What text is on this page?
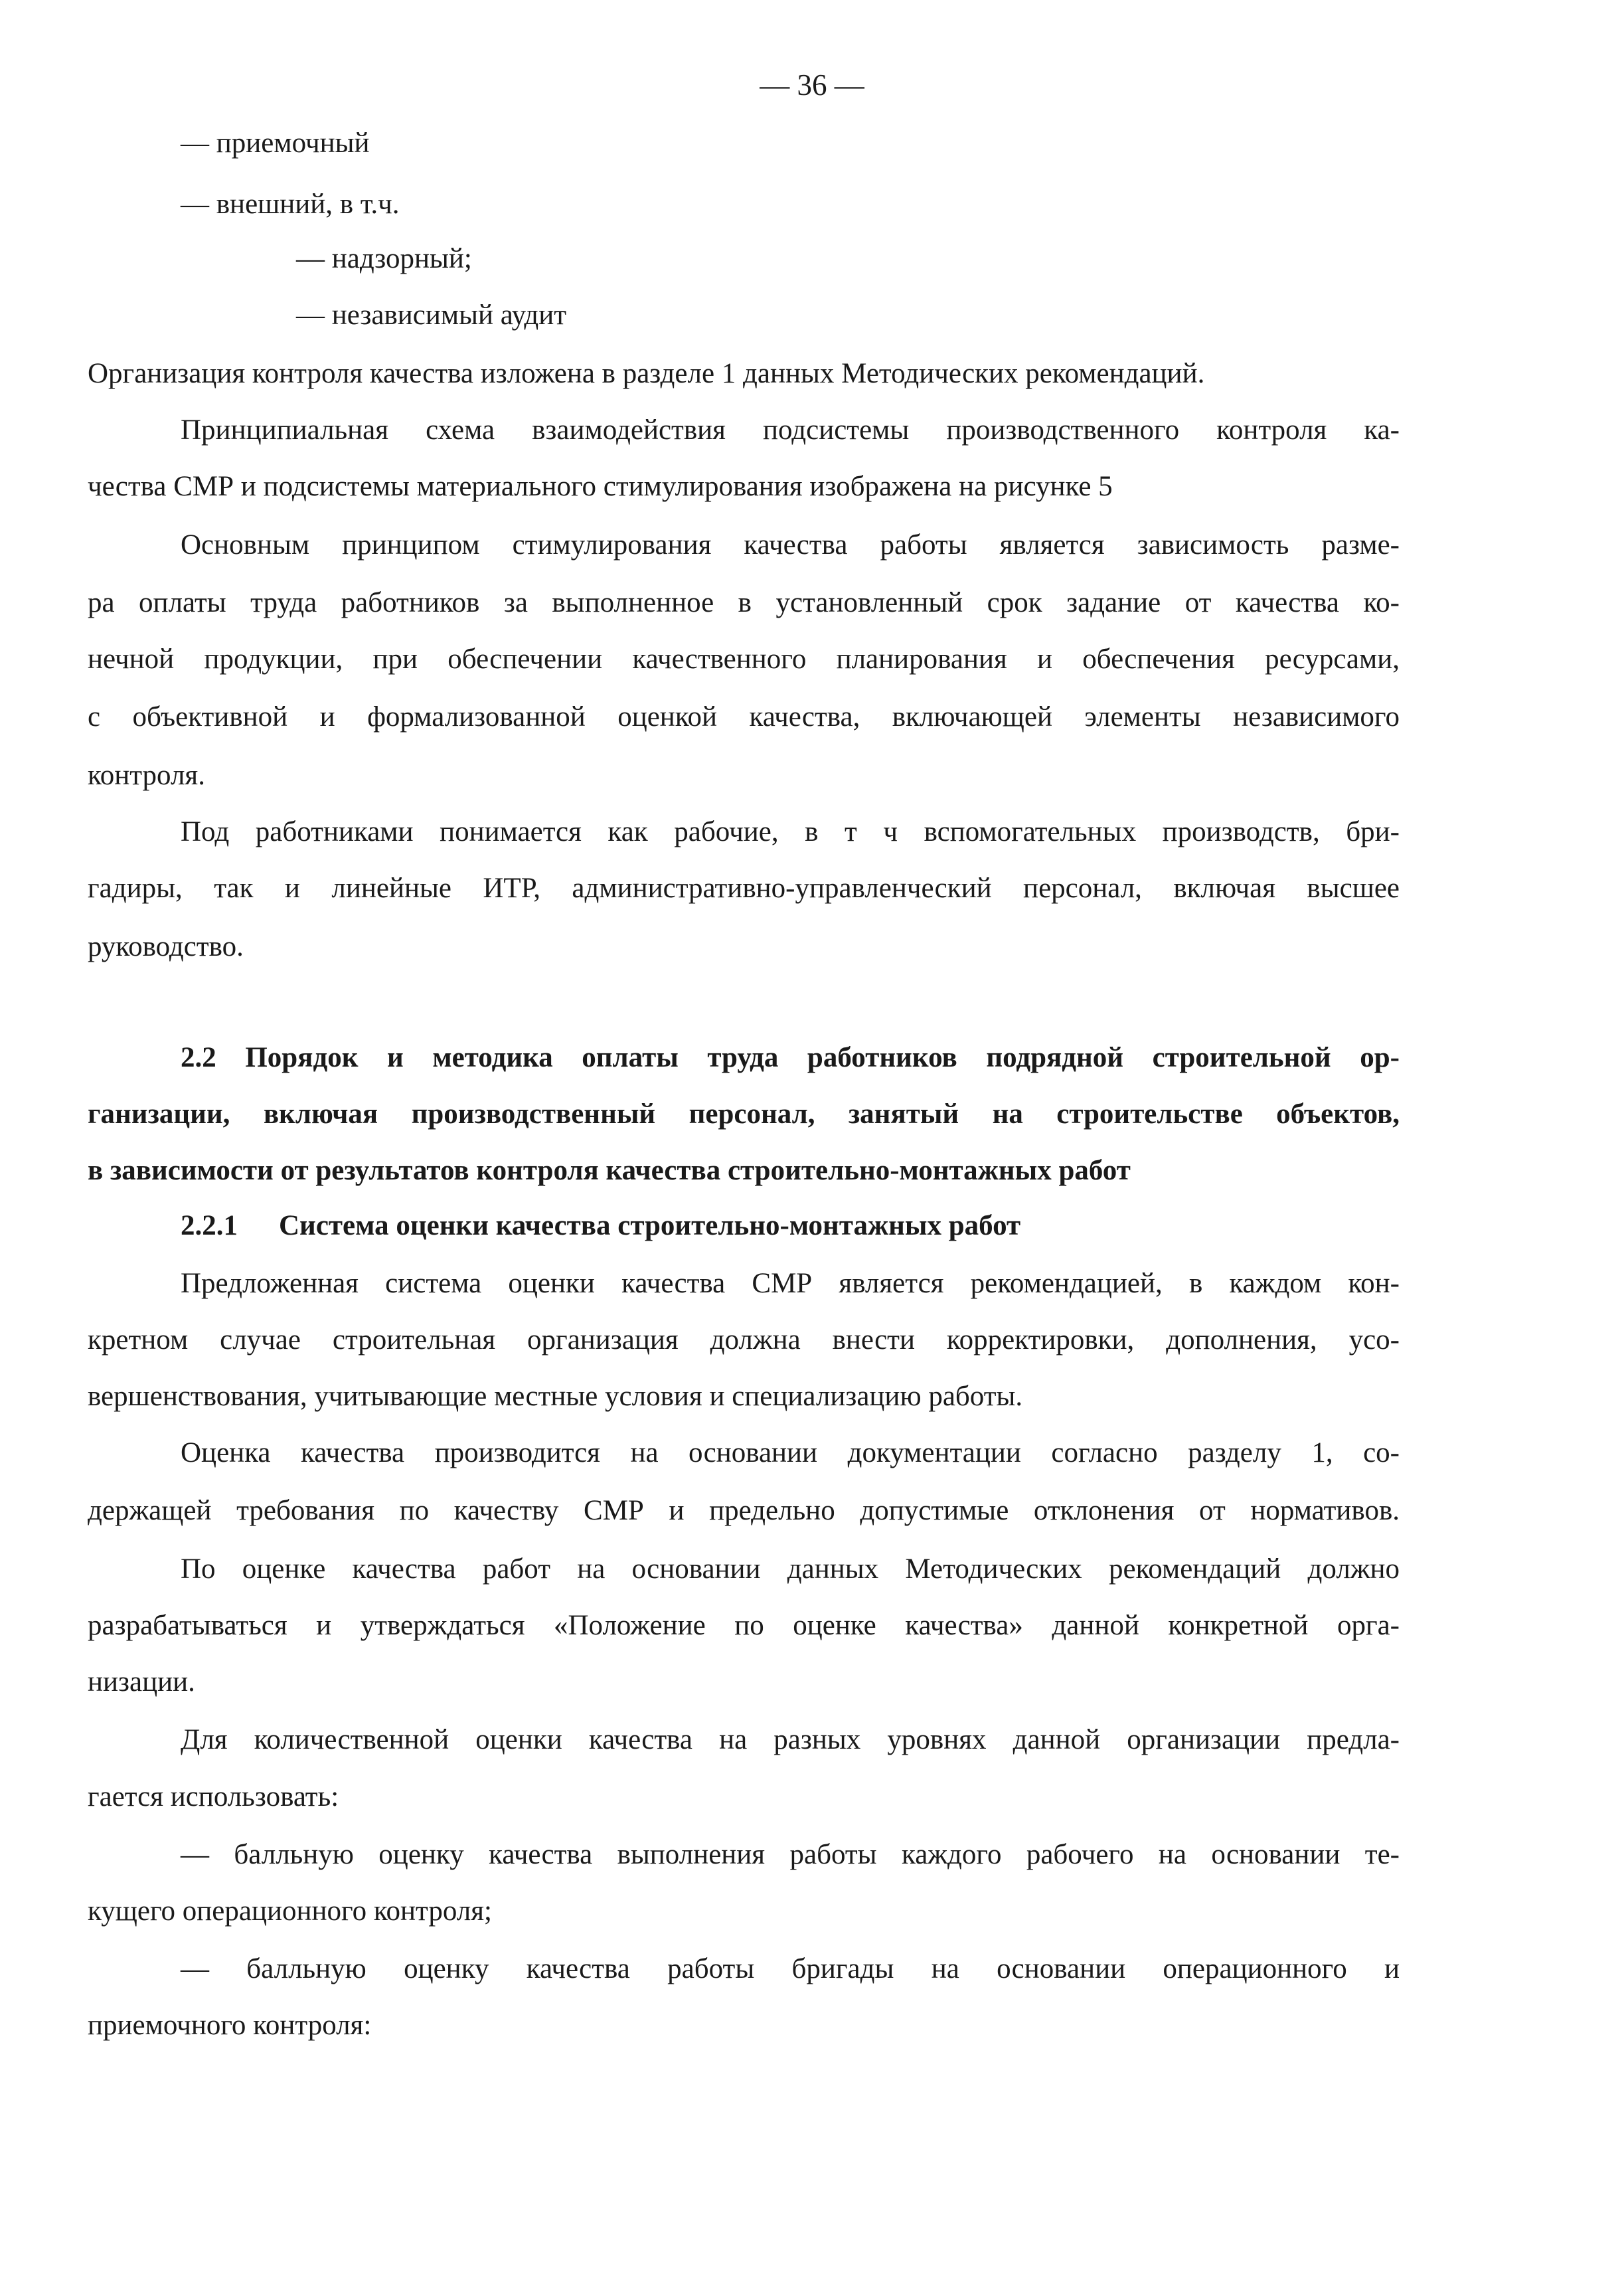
— 36 —

— приемочный

— внешний, в т.ч.

— надзорный;

— независимый аудит

Организация контроля качества изложена в разделе 1 данных Методических рекомендаций.

Принципиальная схема взаимодействия подсистемы производственного контроля ка-

чества СМР и подсистемы материального стимулирования изображена на рисунке 5

Основным принципом стимулирования качества работы является зависимость разме-

ра оплаты труда работников за выполненное в установленный срок задание от качества ко-

нечной продукции, при обеспечении качественного планирования и обеспечения ресурсами,

с объективной и формализованной оценкой качества, включающей элементы независимого

контроля.

Под работниками понимается как рабочие, в т ч вспомогательных производств, бри-

гадиры, так и линейные ИТР, административно-управленческий персонал, включая высшее

руководство.

2.2 Порядок и методика оплаты труда работников подрядной строительной ор-

ганизации, включая производственный персонал, занятый на строительстве объектов,

в зависимости от результатов контроля качества строительно-монтажных работ

2.2.1 Система оценки качества строительно-монтажных работ

Предложенная система оценки качества СМР является рекомендацией, в каждом кон-

кретном случае строительная организация должна внести корректировки, дополнения, усо-

вершенствования, учитывающие местные условия и специализацию работы.

Оценка качества производится на основании документации согласно разделу 1, со-

держащей требования по качеству СМР и предельно допустимые отклонения от нормативов.

По оценке качества работ на основании данных Методических рекомендаций должно

разрабатываться и утверждаться «Положение по оценке качества» данной конкретной орга-

низации.

Для количественной оценки качества на разных уровнях данной организации предла-

гается использовать:

— балльную оценку качества выполнения работы каждого рабочего на основании те-

кущего операционного контроля;

— балльную оценку качества работы бригады на основании операционного и

приемочного контроля:
